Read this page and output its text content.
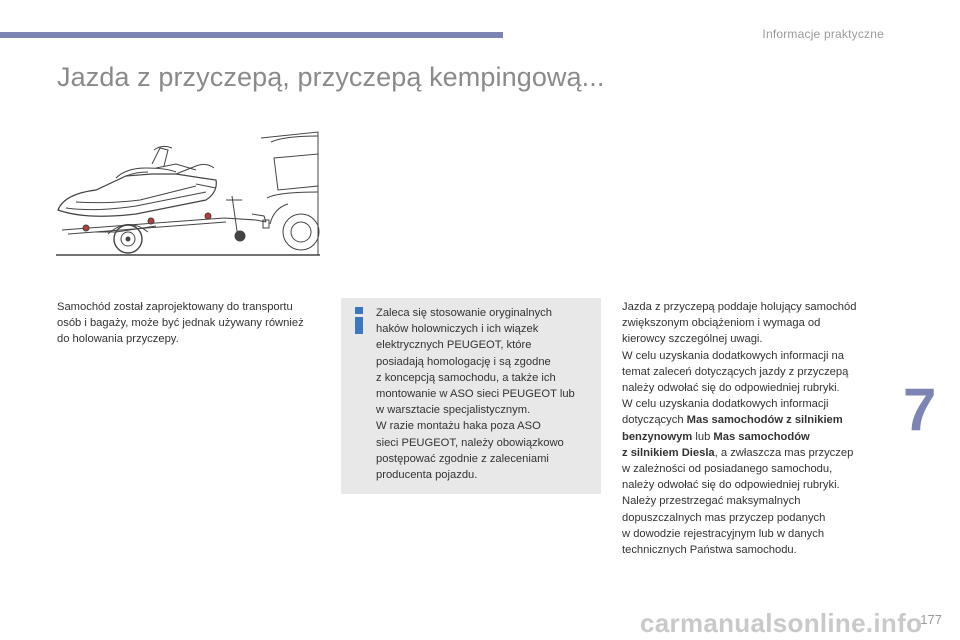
Informacje praktyczne
Jazda z przyczepą, przyczepą kempingową...

Samochód został zaprojektowany do transportu osób i bagaży, może być jednak używany również do holowania przyczepy.

Zaleca się stosowanie oryginalnych
haków holowniczych i ich wiązek
elektrycznych PEUGEOT, które
posiadają homologację i są zgodne
z koncepcją samochodu, a także ich
montowanie w ASO sieci PEUGEOT lub
w warsztacie specjalistycznym.
W razie montażu haka poza ASO
sieci PEUGEOT, należy obowiązkowo
postępować zgodnie z zaleceniami
producenta pojazdu.
Jazda z przyczepą poddaje holujący samochód
zwiększonym obciążeniom i wymaga od
kierowcy szczególnej uwagi.
W celu uzyskania dodatkowych informacji na
temat zaleceń dotyczących jazdy z przyczepą
należy odwołać się do odpowiedniej rubryki.
W celu uzyskania dodatkowych informacji
dotyczących Mas samochodów z silnikiem
benzynowym lub Mas samochodów
z silnikiem Diesla, a zwłaszcza mas przyczep
w zależności od posiadanego samochodu,
należy odwołać się do odpowiedniej rubryki.
Należy przestrzegać maksymalnych
dopuszczalnych mas przyczep podanych
w dowodzie rejestracyjnym lub w danych
technicznych Państwa samochodu.
7
carmanualsonline.info
177
